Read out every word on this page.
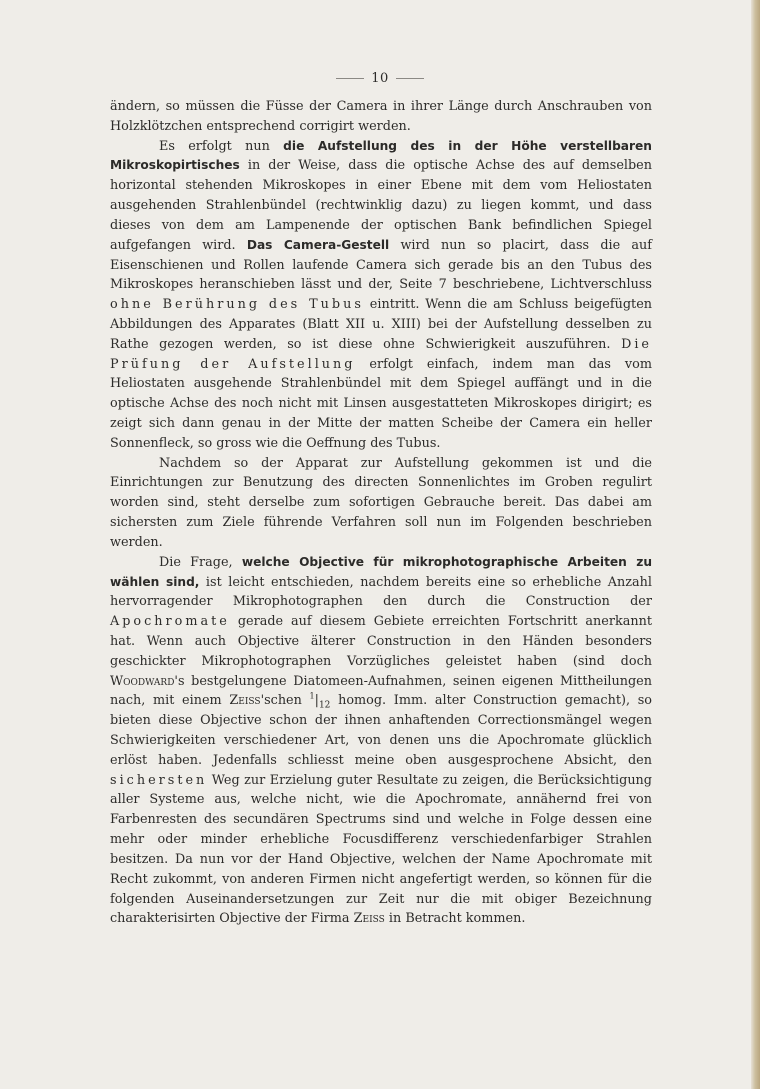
10

ändern, so müssen die Füsse der Camera in ihrer Länge durch Anschrauben von Holzklötzchen entsprechend corrigirt werden.

Es erfolgt nun die Aufstellung des in der Höhe verstellbaren Mikroskopirtisches in der Weise, dass die optische Achse des auf demselben horizontal stehenden Mikroskopes in einer Ebene mit dem vom Heliostaten ausgehenden Strahlenbündel (rechtwinklig dazu) zu liegen kommt, und dass dieses von dem am Lampenende der optischen Bank befindlichen Spiegel aufgefangen wird. Das Camera-Gestell wird nun so placirt, dass die auf Eisenschienen und Rollen laufende Camera sich gerade bis an den Tubus des Mikroskopes heranschieben lässt und der, Seite 7 beschriebene, Lichtverschluss ohne Berührung des Tubus eintritt. Wenn die am Schluss beigefügten Abbildungen des Apparates (Blatt XII u. XIII) bei der Aufstellung desselben zu Rathe gezogen werden, so ist diese ohne Schwierigkeit auszuführen. Die Prüfung der Aufstellung erfolgt einfach, indem man das vom Heliostaten ausgehende Strahlenbündel mit dem Spiegel auffängt und in die optische Achse des noch nicht mit Linsen ausgestatteten Mikroskopes dirigirt; es zeigt sich dann genau in der Mitte der matten Scheibe der Camera ein heller Sonnenfleck, so gross wie die Oeffnung des Tubus.

Nachdem so der Apparat zur Aufstellung gekommen ist und die Einrichtungen zur Benutzung des directen Sonnenlichtes im Groben regulirt worden sind, steht derselbe zum sofortigen Gebrauche bereit. Das dabei am sichersten zum Ziele führende Verfahren soll nun im Folgenden beschrieben werden.

Die Frage, welche Objective für mikrophotographische Arbeiten zu wählen sind, ist leicht entschieden, nachdem bereits eine so erhebliche Anzahl hervorragender Mikrophotographen den durch die Construction der Apochromate gerade auf diesem Gebiete erreichten Fortschritt anerkannt hat. Wenn auch Objective älterer Construction in den Händen besonders geschickter Mikrophotographen Vorzügliches geleistet haben (sind doch Woodward's bestgelungene Diatomeen-Aufnahmen, seinen eigenen Mittheilungen nach, mit einem Zeiss'schen $^1|_{12}$ homog. Imm. alter Construction gemacht), so bieten diese Objective schon der ihnen anhaftenden Correctionsmängel wegen Schwierigkeiten verschiedener Art, von denen uns die Apochromate glücklich erlöst haben. Jedenfalls schliesst meine oben ausgesprochene Absicht, den sichersten Weg zur Erzielung guter Resultate zu zeigen, die Berücksichtigung aller Systeme aus, welche nicht, wie die Apochromate, annähernd frei von Farbenresten des secundären Spectrums sind und welche in Folge dessen eine mehr oder minder erhebliche Focusdifferenz verschiedenfarbiger Strahlen besitzen. Da nun vor der Hand Objective, welchen der Name Apochromate mit Recht zukommt, von anderen Firmen nicht angefertigt werden, so können für die folgenden Auseinandersetzungen zur Zeit nur die mit obiger Bezeichnung charakterisirten Objective der Firma Zeiss in Betracht kommen.
